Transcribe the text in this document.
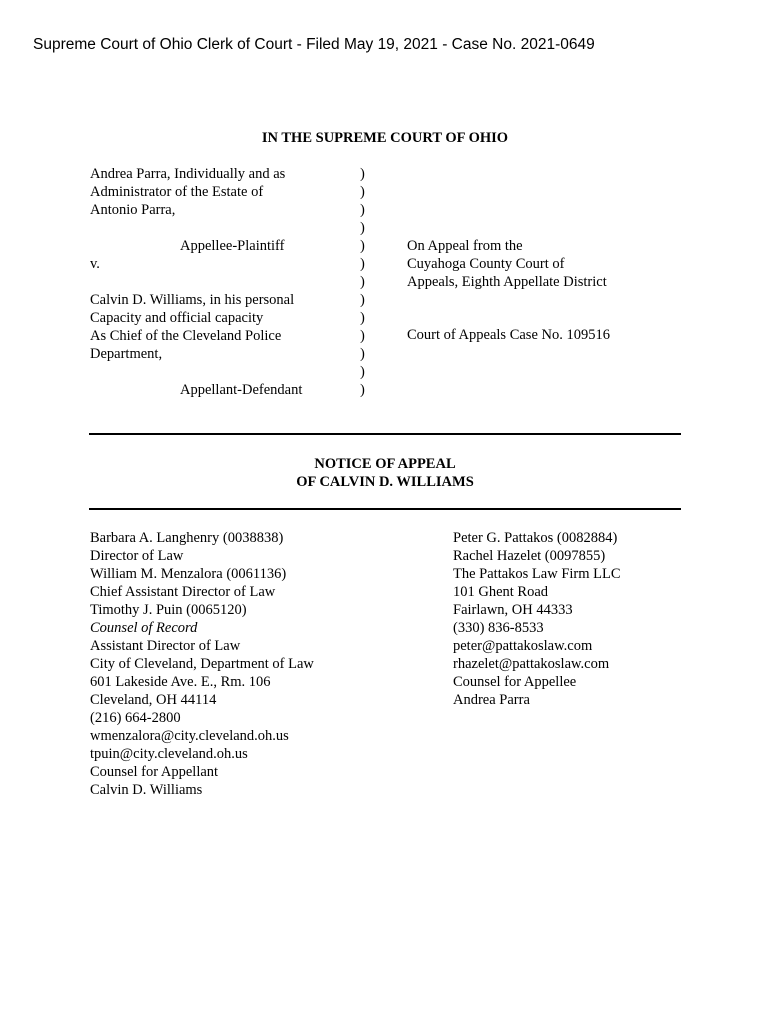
Supreme Court of Ohio Clerk of Court - Filed May 19, 2021 - Case No. 2021-0649
IN THE SUPREME COURT OF OHIO
Andrea Parra, Individually and as
Administrator of the Estate of
Antonio Parra,
Appellee-Plaintiff
v.
Calvin D. Williams, in his personal
Capacity and official capacity
As Chief of the Cleveland Police
Department,
Appellant-Defendant
)
)
)
)
)
)
)
)
)
)
)
)
)
On Appeal from the
Cuyahoga County Court of
Appeals, Eighth Appellate District
Court of Appeals Case No. 109516
NOTICE OF APPEAL
OF CALVIN D. WILLIAMS
Barbara A. Langhenry (0038838)
Director of Law
William M. Menzalora (0061136)
Chief Assistant Director of Law
Timothy J. Puin (0065120)
Counsel of Record
Assistant Director of Law
City of Cleveland, Department of Law
601 Lakeside Ave. E., Rm. 106
Cleveland, OH 44114
(216) 664-2800
wmenzalora@city.cleveland.oh.us
tpuin@city.cleveland.oh.us
Counsel for Appellant
Calvin D. Williams
Peter G. Pattakos (0082884)
Rachel Hazelet (0097855)
The Pattakos Law Firm LLC
101 Ghent Road
Fairlawn, OH 44333
(330) 836-8533
peter@pattakoslaw.com
rhazelet@pattakoslaw.com
Counsel for Appellee
Andrea Parra
